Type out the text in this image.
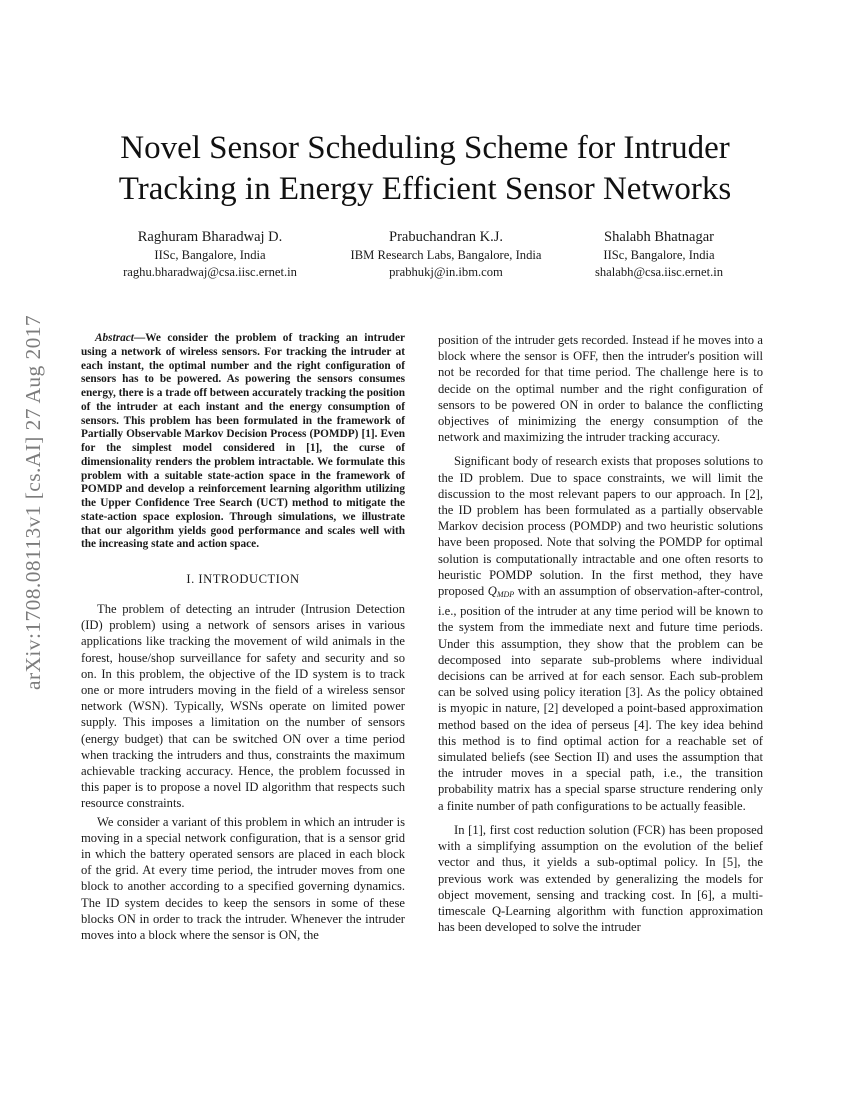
arXiv:1708.08113v1 [cs.AI] 27 Aug 2017
Novel Sensor Scheduling Scheme for Intruder
Tracking in Energy Efficient Sensor Networks
Raghuram Bharadwaj D.
IISc, Bangalore, India
raghu.bharadwaj@csa.iisc.ernet.in
Prabuchandran K.J.
IBM Research Labs, Bangalore, India
prabhukj@in.ibm.com
Shalabh Bhatnagar
IISc, Bangalore, India
shalabh@csa.iisc.ernet.in

Abstract—We consider the problem of tracking an intruder using a network of wireless sensors. For tracking the intruder at each instant, the optimal number and the right configuration of sensors has to be powered. As powering the sensors consumes energy, there is a trade off between accurately tracking the position of the intruder at each instant and the energy consumption of sensors. This problem has been formulated in the framework of Partially Observable Markov Decision Process (POMDP) [1]. Even for the simplest model considered in [1], the curse of dimensionality renders the problem intractable. We formulate this problem with a suitable state-action space in the framework of POMDP and develop a reinforcement learning algorithm utilizing the Upper Confidence Tree Search (UCT) method to mitigate the state-action space explosion. Through simulations, we illustrate that our algorithm yields good performance and scales well with the increasing state and action space.

I. INTRODUCTION

The problem of detecting an intruder (Intrusion Detection (ID) problem) using a network of sensors arises in various applications like tracking the movement of wild animals in the forest, house/shop surveillance for safety and security and so on. In this problem, the objective of the ID system is to track one or more intruders moving in the field of a wireless sensor network (WSN). Typically, WSNs operate on limited power supply. This imposes a limitation on the number of sensors (energy budget) that can be switched ON over a time period when tracking the intruders and thus, constraints the maximum achievable tracking accuracy. Hence, the problem focussed in this paper is to propose a novel ID algorithm that respects such resource constraints.

We consider a variant of this problem in which an intruder is moving in a special network configuration, that is a sensor grid in which the battery operated sensors are placed in each block of the grid. At every time period, the intruder moves from one block to another according to a specified governing dynamics. The ID system decides to keep the sensors in some of these blocks ON in order to track the intruder. Whenever the intruder moves into a block where the sensor is ON, the

position of the intruder gets recorded. Instead if he moves into a block where the sensor is OFF, then the intruder's position will not be recorded for that time period. The challenge here is to decide on the optimal number and the right configuration of sensors to be powered ON in order to balance the conflicting objectives of minimizing the energy consumption of the network and maximizing the intruder tracking accuracy.

Significant body of research exists that proposes solutions to the ID problem. Due to space constraints, we will limit the discussion to the most relevant papers to our approach. In [2], the ID problem has been formulated as a partially observable Markov decision process (POMDP) and two heuristic solutions have been proposed. Note that solving the POMDP for optimal solution is computationally intractable and one often resorts to heuristic POMDP solution. In the first method, they have proposed $Q_{MDP}$ with an assumption of observation-after-control, i.e., position of the intruder at any time period will be known to the system from the immediate next and future time periods. Under this assumption, they show that the problem can be decomposed into separate sub-problems where individual decisions can be arrived at for each sensor. Each sub-problem can be solved using policy iteration [3]. As the policy obtained is myopic in nature, [2] developed a point-based approximation method based on the idea of perseus [4]. The key idea behind this method is to find optimal action for a reachable set of simulated beliefs (see Section II) and uses the assumption that the intruder moves in a special path, i.e., the transition probability matrix has a special sparse structure rendering only a finite number of path configurations to be actually feasible.

In [1], first cost reduction solution (FCR) has been proposed with a simplifying assumption on the evolution of the belief vector and thus, it yields a sub-optimal policy. In [5], the previous work was extended by generalizing the models for object movement, sensing and tracking cost. In [6], a multi-timescale Q-Learning algorithm with function approximation has been developed to solve the intruder
